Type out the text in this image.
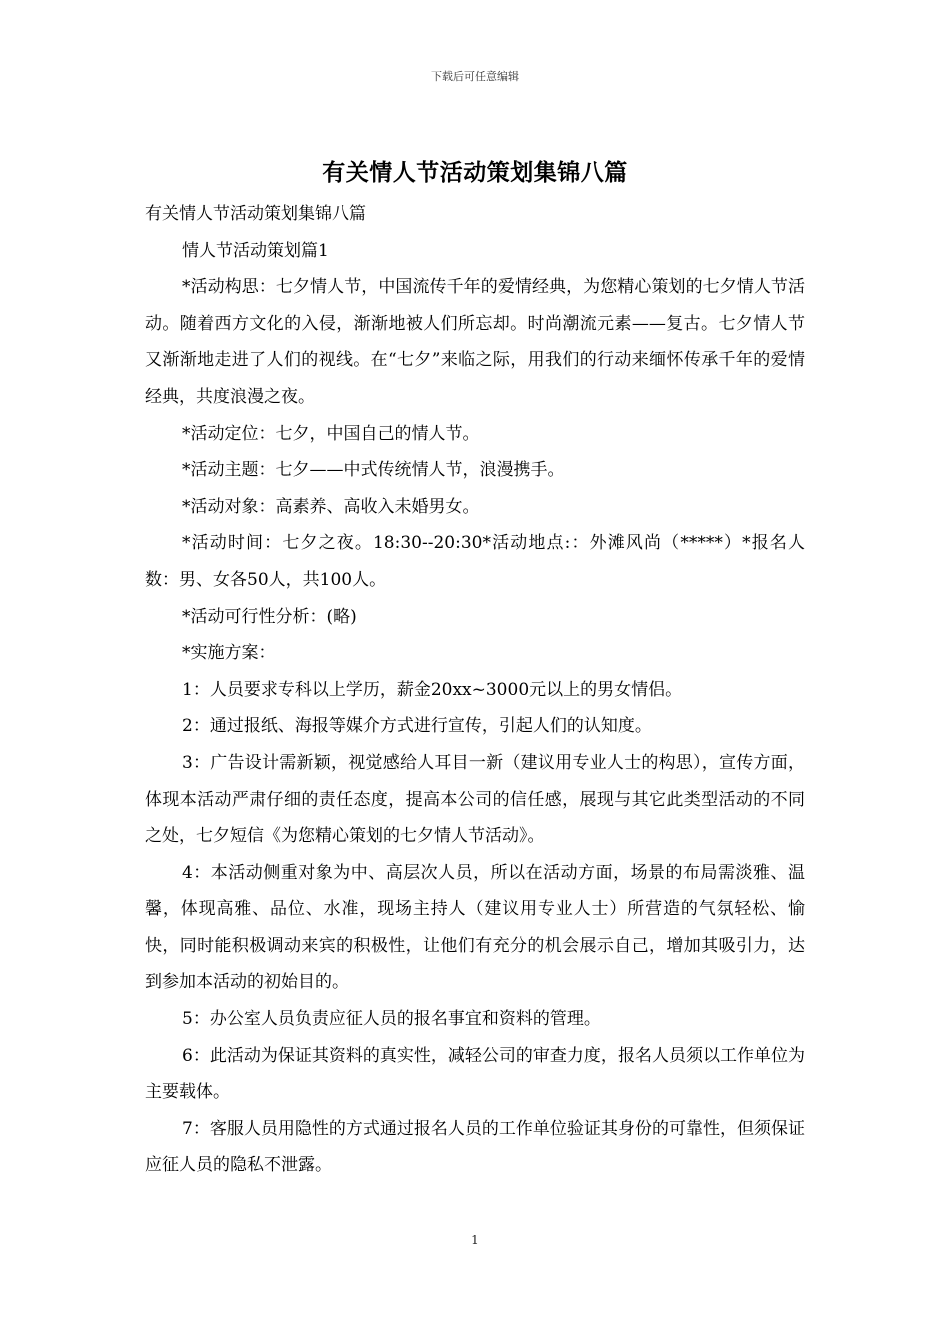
下载后可任意编辑
有关情人节活动策划集锦八篇

有关情人节活动策划集锦八篇

情人节活动策划篇1

*活动构思：七夕情人节，中国流传千年的爱情经典，为您精心策划的七夕情人节活动。随着西方文化的入侵，渐渐地被人们所忘却。时尚潮流元素——复古。七夕情人节又渐渐地走进了人们的视线。在“七夕”来临之际，用我们的行动来缅怀传承千年的爱情经典，共度浪漫之夜。

*活动定位：七夕，中国自己的情人节。

*活动主题：七夕——中式传统情人节，浪漫携手。

*活动对象：高素养、高收入未婚男女。

*活动时间：七夕之夜。18:30--20:30*活动地点:：外滩风尚（*****）*报名人数：男、女各50人，共100人。

*活动可行性分析：(略)

*实施方案：

1：人员要求专科以上学历，薪金20xx~3000元以上的男女情侣。

2：通过报纸、海报等媒介方式进行宣传，引起人们的认知度。

3：广告设计需新颖，视觉感给人耳目一新（建议用专业人士的构思），宣传方面，体现本活动严肃仔细的责任态度，提高本公司的信任感，展现与其它此类型活动的不同之处，七夕短信《为您精心策划的七夕情人节活动》。

4：本活动侧重对象为中、高层次人员，所以在活动方面，场景的布局需淡雅、温馨，体现高雅、品位、水准，现场主持人（建议用专业人士）所营造的气氛轻松、愉快，同时能积极调动来宾的积极性，让他们有充分的机会展示自己，增加其吸引力，达到参加本活动的初始目的。

5：办公室人员负责应征人员的报名事宜和资料的管理。

6：此活动为保证其资料的真实性，减轻公司的审查力度，报名人员须以工作单位为主要载体。

7：客服人员用隐性的方式通过报名人员的工作单位验证其身份的可靠性，但须保证应征人员的隐私不泄露。

1
